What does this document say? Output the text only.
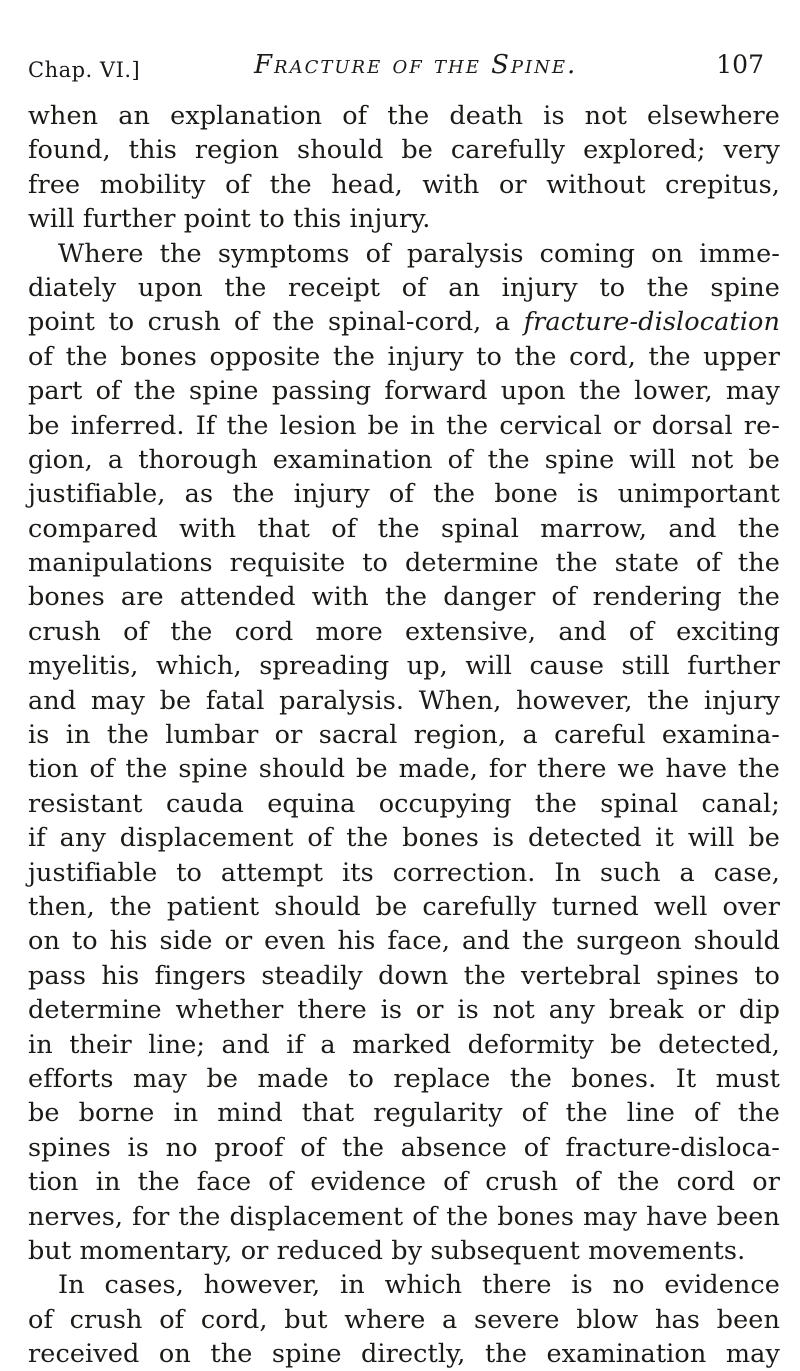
Chap. VI.]	Fracture of the Spine.	107
when an explanation of the death is not elsewhere
found, this region should be carefully explored; very
free mobility of the head, with or without crepitus,
will further point to this injury.
Where the symptoms of paralysis coming on imme-
diately upon the receipt of an injury to the spine
point to crush of the spinal-cord, a fracture-dislocation
of the bones opposite the injury to the cord, the upper
part of the spine passing forward upon the lower, may
be inferred. If the lesion be in the cervical or dorsal re-
gion, a thorough examination of the spine will not be
justifiable, as the injury of the bone is unimportant
compared with that of the spinal marrow, and the
manipulations requisite to determine the state of the
bones are attended with the danger of rendering the
crush of the cord more extensive, and of exciting
myelitis, which, spreading up, will cause still further
and may be fatal paralysis. When, however, the injury
is in the lumbar or sacral region, a careful examina-
tion of the spine should be made, for there we have the
resistant cauda equina occupying the spinal canal;
if any displacement of the bones is detected it will be
justifiable to attempt its correction. In such a case,
then, the patient should be carefully turned well over
on to his side or even his face, and the surgeon should
pass his fingers steadily down the vertebral spines to
determine whether there is or is not any break or dip
in their line; and if a marked deformity be detected,
efforts may be made to replace the bones. It must
be borne in mind that regularity of the line of the
spines is no proof of the absence of fracture-disloca-
tion in the face of evidence of crush of the cord or
nerves, for the displacement of the bones may have been
but momentary, or reduced by subsequent movements.
In cases, however, in which there is no evidence
of crush of cord, but where a severe blow has been
received on the spine directly, the examination may
